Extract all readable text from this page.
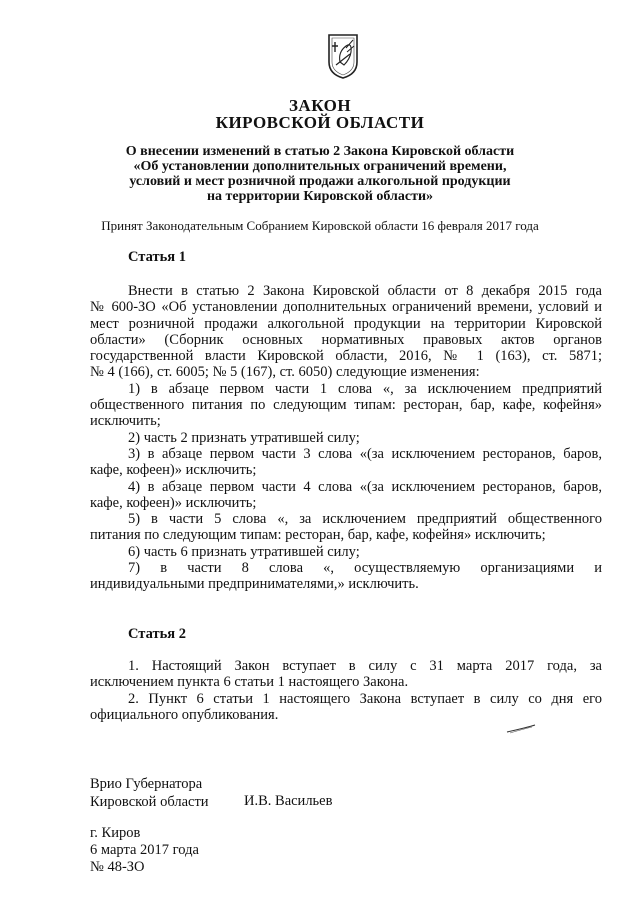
ЗАКОН
КИРОВСКОЙ ОБЛАСТИ
О внесении изменений в статью 2 Закона Кировской области
«Об установлении дополнительных ограничений времени,
условий и мест розничной продажи алкогольной продукции
на территории Кировской области»
Принят Законодательным Собранием Кировской области 16 февраля 2017 года
Статья 1
Внести в статью 2 Закона Кировской области от 8 декабря 2015 года
№ 600-ЗО «Об установлении дополнительных ограничений времени, условий и
мест розничной продажи алкогольной продукции на территории Кировской
области» (Сборник основных нормативных правовых актов органов
государственной власти Кировской области, 2016, № 1 (163), ст. 5871;
№ 4 (166), ст. 6005; № 5 (167), ст. 6050) следующие изменения:
1) в абзаце первом части 1 слова «, за исключением предприятий
общественного питания по следующим типам: ресторан, бар, кафе, кофейня»
исключить;
2) часть 2 признать утратившей силу;
3) в абзаце первом части 3 слова «(за исключением ресторанов, баров,
кафе, кофеен)» исключить;
4) в абзаце первом части 4 слова «(за исключением ресторанов, баров,
кафе, кофеен)» исключить;
5) в части 5 слова «, за исключением предприятий общественного
питания по следующим типам: ресторан, бар, кафе, кофейня» исключить;
6) часть 6 признать утратившей силу;
7) в части 8 слова «, осуществляемую организациями и
индивидуальными предпринимателями,» исключить.
Статья 2
1. Настоящий Закон вступает в силу с 31 марта 2017 года, за
исключением пункта 6 статьи 1 настоящего Закона.
2. Пункт 6 статьи 1 настоящего Закона вступает в силу со дня его
официального опубликования.
Врио Губернатора
Кировской области И.В. Васильев
г. Киров
6 марта 2017 года
№ 48-ЗО
